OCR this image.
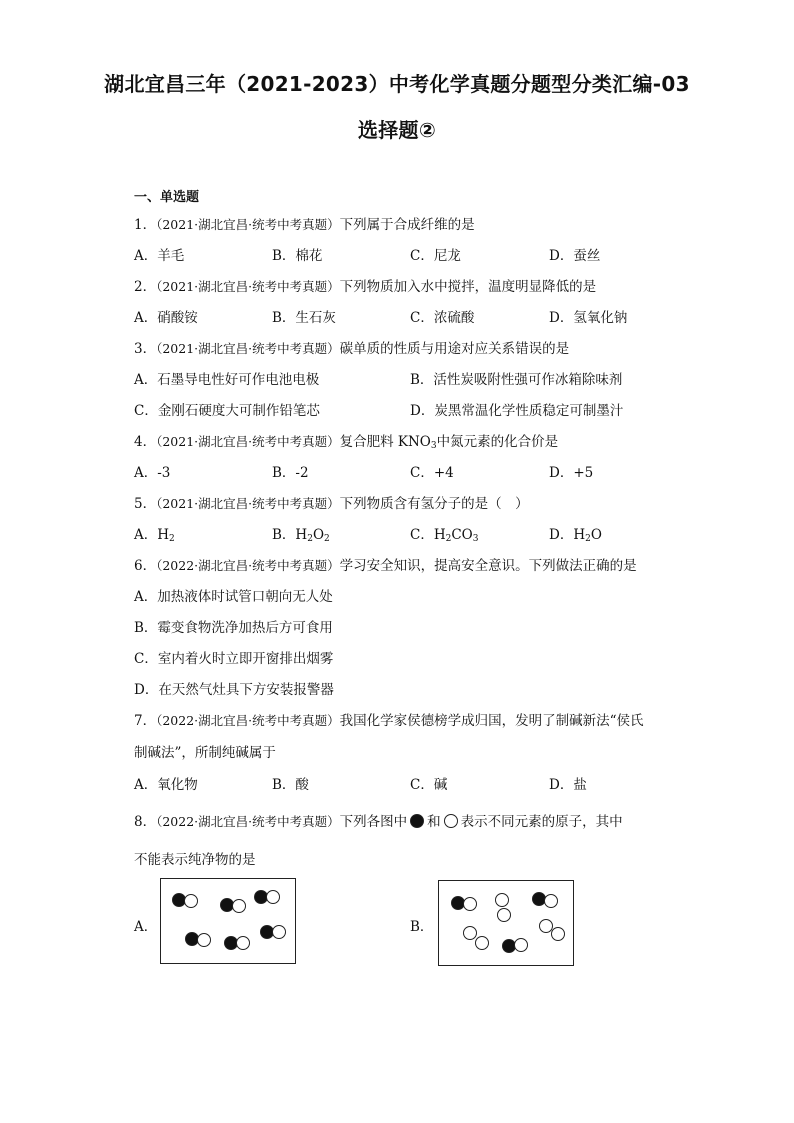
湖北宜昌三年（2021-2023）中考化学真题分题型分类汇编-03
选择题②
一、单选题
1．（2021·湖北宜昌·统考中考真题）下列属于合成纤维的是
A．羊毛	B．棉花	C．尼龙	D．蚕丝
2．（2021·湖北宜昌·统考中考真题）下列物质加入水中搅拌，温度明显降低的是
A．硝酸铵	B．生石灰	C．浓硫酸	D．氢氧化钠
3．（2021·湖北宜昌·统考中考真题）碳单质的性质与用途对应关系错误的是
A．石墨导电性好可作电池电极	B．活性炭吸附性强可作冰箱除味剂
C．金刚石硬度大可制作铅笔芯	D．炭黑常温化学性质稳定可制墨汁
4．（2021·湖北宜昌·统考中考真题）复合肥料 $KNO_3$中氮元素的化合价是
A．-3	B．-2	C．+4	D．+5
5．（2021·湖北宜昌·统考中考真题）下列物质含有氢分子的是（　）
A．$H_2$	B．$H_2O_2$	C．$H_2CO_3$	D．$H_2O$
6．（2022·湖北宜昌·统考中考真题）学习安全知识，提高安全意识。下列做法正确的是
A．加热液体时试管口朝向无人处
B．霉变食物洗净加热后方可食用
C．室内着火时立即开窗排出烟雾
D．在天然气灶具下方安装报警器
7．（2022·湖北宜昌·统考中考真题）我国化学家侯德榜学成归国，发明了制碱新法“侯氏
制碱法”，所制纯碱属于
A．氧化物	B．酸	C．碱	D．盐
8．（2022·湖北宜昌·统考中考真题）下列各图中 和 表示不同元素的原子，其中
不能表示纯净物的是
A．	B．
